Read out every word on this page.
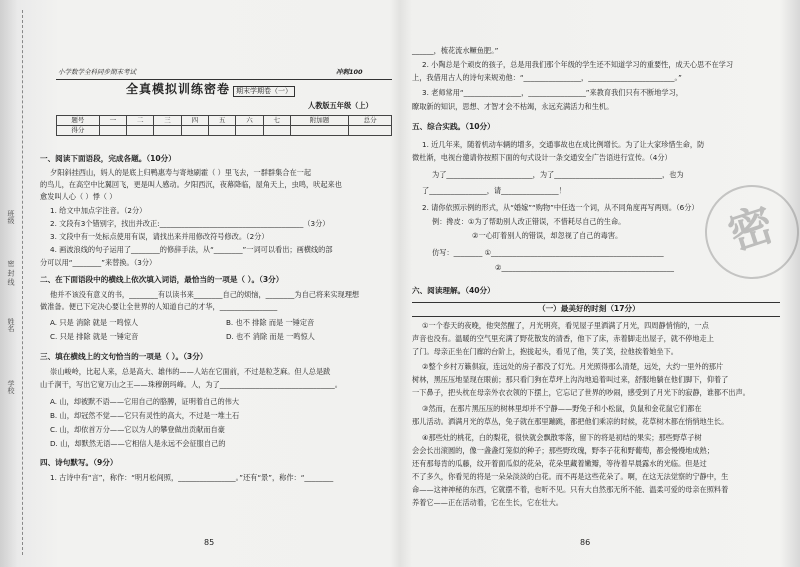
班级
密 封 线
姓名
学校
小学数学全科同步期末考试	冲刺100
全真模拟训练密卷 期末学期卷（一）
人教版五年级（上）
题号	一	二	三	四	五	六	七	附加题	总分
得分									
一、阅读下面语段，完成各题。（10分）
夕阳斜挂西山，妈人的是底上归鸭惠寿与寄地刷霍（ ）里飞去，一群群集合在一起
的鸟儿，在高空中比翼回飞，更是叫人感动。夕阳西沉，夜幕降临，屋角天上，虫鸣，吠起来也
愈发叫人心（ ）悸（ ）
1. 给文中加点字注音。（2分）
2. 文段有3个错别字，找出并改正:________________________________________（3分）
3. 文段中有一处标点使用有误，请找出来并用修改符号修改。（2分）
4. 画波浪线的句子运用了________的修辞手法，从“________”一词可以看出；画横线的部
分可以用“________”来替换。（3分）
二、在下面语段中的横线上依次填入词语，最恰当的一项是（ ）。（3分）
他并不该没有意义的书，________有以读书来________自己的烦恼，________为自己将来实现理想
做准备。便已下定决心要让全世界的人知道自己的才华，________________
A. 只是 消除 就是 一鸣惊人	B. 也不 排除 而是 一锤定音
C. 只是 排除 就是 一锤定音	D. 也不 消除 而是 一鸣惊人
三、填在横线上的文句恰当的一项是（ ）。（3分）
崇山峻岭，比起人来，总是高大、雄伟的——人站在它面前，不过是粒芝麻。但人总是跋
山千涧干，写出它宽万山之王——珠穆朗玛峰。人，为了________________________________。
A. 山，却被默不语——它用自己的胳膊，证明着自己的伟大
B. 山，却冠然不觉——它只有灵性的高大，不过是一堆土石
C. 山，却依首万分——它以为人的攀登做出贡献而自豪
D. 山，却默然无语——它相信人是永远不会征服自己的
四、诗句默写。（9分）
1. 古诗中有“言”，称作：“明月松间照，________________。”还有“景”，称作：“________
85
______，梳花流水鳜鱼肥。”
2. 小陶总是个顽皮的孩子，总是用我们那个年级的学生还不知道学习的重要性，成天心思不在学习
上，我借用古人的诗句来规劝他：“________________，________________________。”
3. 老师常用“________________，________________”来教育我们只有不断地学习，
瞭取新的知识，思想、才智才会不枯竭，永远充满活力和生机。
五、综合实践。（10分）
1. 近几年来，随着机动车辆的增多，交通事故也在成比例增长。为了让大家珍惜生命，防
微杜渐，电视台邀请你按照下面的句式设计一条交通安全广告语进行宣传。（4分）
为了________________________，为了______________________________，也为
了________________，请________________！
2. 请你依照示例的形式，从“婚嫁”“购物”中任选一个词，从不同角度再写两则。（6分）
例：搀皮：①为了帮助别人改正错误，不惜耗尽自己的生命。
②一心盯着别人的错误，却忽视了自己的毒害。
仿写：________ ①________________________________________________
②________________________________________________
六、阅读理解。（40分）
（一）最美好的时刻（17分）
①一个春天的夜晚，他突然醒了，月光明亮，看见屋子里洒满了月光，四周静悄悄的，一点
声音也没有。温暖的空气里充满了野花散发的清香，他下了床，赤着脚走出屋子，就不停地走上
了门。母亲正坐在门廊的台阶上，抱拢起头，看见了他，笑了笑，拉他挨着她坐下。
②整个乡村万籁俱寂，连远处的房子都没了灯光。月光照得那么清楚，远处，大约一里外的那片
树林，黑压压地显现在眼前；那只看门狗在草坪上沟沟地追着叫过来，舒服地躺在他们脚下，仰着了
一下鼻子，把头枕在母亲外衣衣领的下摆上，它忘记了世界的吵闹，感受到了月光下的寂静，谁都不出声。
③然而，在那片黑压压的树林里却并不宁静——野兔子和小松鼠，负鼠和金花鼠它们都在
那儿活动。洒满月光的草丛，兔子就在那里蹦跳，都把他们乘凉的时候，花草树木都在悄悄地生长。
④那些灶的桃花，白的梨花，很快就会飘散零落，留下的将是初结的果实；那些野草子树
会会长出滚圆的，像一盏盏灯笼似的种子；那些野玫瑰，野李子花和野葡萄，都会慢慢地成熟；
还有那每肯的瓜藤，纹开着面瓜似的花朵，花朵里藏着嫩瓣，等待着早晨露水的光临。但是过
不了多久，你看见的将是一朵朵淡淡的白花。而不再是这些花朵了。啊，在这无法觉察的宁静中，生
命——这神神秘的东西，它就摆不着，也听不见。只有大自然那无所不能、温柔可爱的母亲在照料着
养着它——正在活动着，它在生长，它在壮大。
86
密
